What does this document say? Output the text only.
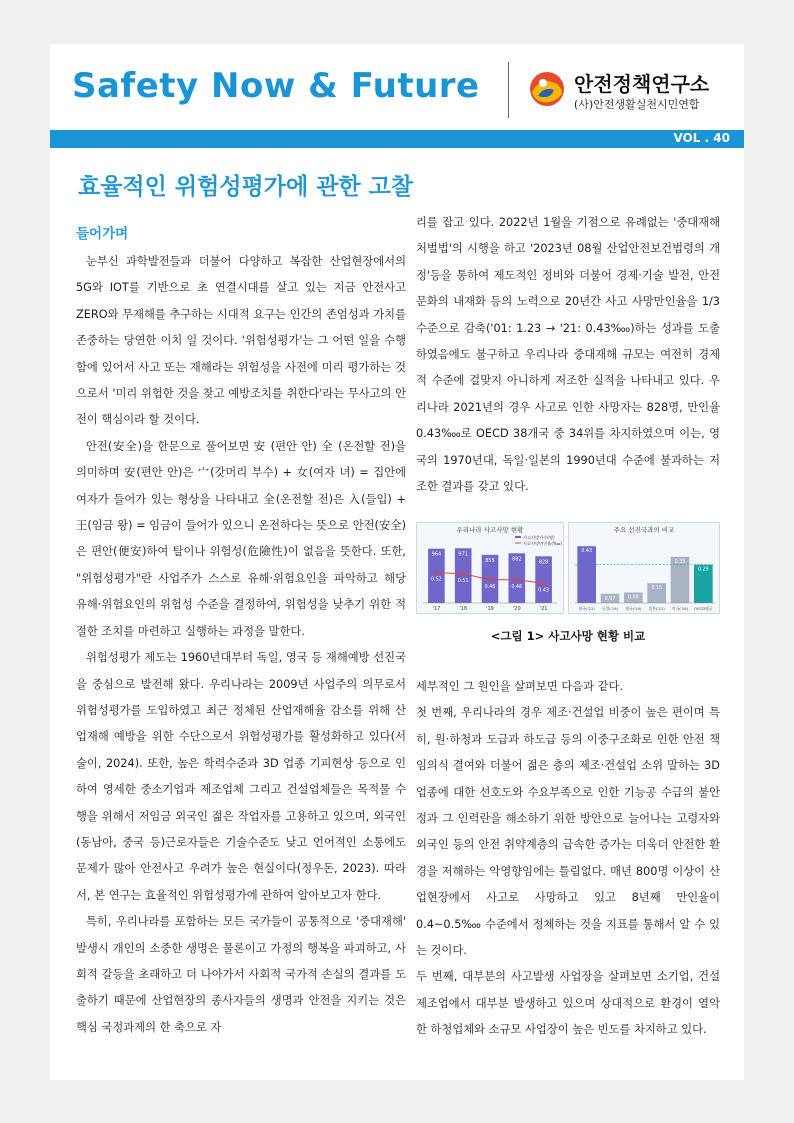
Safety Now & Future	안전정책연구소
(사)안전생활실천시민연합
VOL . 40
효율적인 위험성평가에 관한 고찰

들어가며

눈부신 과학발전들과 더불어 다양하고 복잡한 산업현장에서의 5G와 IOT를 기반으로 초 연결시대를 살고 있는 지금 안전사고 ZERO와 무재해를 추구하는 시대적 요구는 인간의 존엄성과 가치를 존중하는 당연한 이치 일 것이다. '위험성평가'는 그 어떤 일을 수행함에 있어서 사고 또는 재해라는 위험성을 사전에 미리 평가하는 것으로서 '미리 위험한 것을 찾고 예방조치를 취한다'라는 무사고의 안전이 핵심이라 할 것이다.

안전(安全)을 한문으로 풀어보면 安 (편안 안) 全 (온전할 전)을 의미하며 安(편안 안)은 宀(갓머리 부수) + 女(여자 녀) = 집안에 여자가 들어가 있는 형상을 나타내고 全(온전할 전)은 入(들입) + 王(임금 왕) = 임금이 들어가 있으니 온전하다는 뜻으로 안전(安全)은 편안(便安)하여 탈이나 위험성(危險性)이 없음을 뜻한다. 또한, "위험성평가"란 사업주가 스스로 유해·위험요인을 파악하고 해당 유해·위험요인의 위험성 수준을 결정하여, 위험성을 낮추기 위한 적절한 조치를 마련하고 실행하는 과정을 말한다.

위험성평가 제도는 1960년대부터 독일, 영국 등 재해예방 선진국을 중심으로 발전해 왔다. 우리나라는 2009년 사업주의 의무로서 위험성평가를 도입하였고 최근 정체된 산업재해율 감소를 위해 산업재해 예방을 위한 수단으로서 위험성평가를 활성화하고 있다(서술이, 2024). 또한, 높은 학력수준과 3D 업종 기피현상 등으로 인하여 영세한 중소기업과 제조업체 그리고 건설업체들은 목적물 수행을 위해서 저임금 외국인 젊은 작업자를 고용하고 있으며, 외국인(동남아, 중국 등)근로자들은 기술수준도 낮고 언어적인 소통에도 문제가 많아 안전사고 우려가 높은 현실이다(정우돈, 2023). 따라서, 본 연구는 효율적인 위험성평가에 관하여 알아보고자 한다.

특히, 우리나라를 포함하는 모든 국가들이 공통적으로 '중대재해' 발생시 개인의 소중한 생명은 물론이고 가정의 행복을 파괴하고, 사회적 갈등을 초래하고 더 나아가서 사회적 국가적 손실의 결과를 도출하기 때문에 산업현장의 종사자들의 생명과 안전을 지키는 것은 핵심 국정과제의 한 축으로 자

리를 잡고 있다. 2022년 1월을 기점으로 유례없는 '중대재해처벌법'의 시행을 하고 '2023년 08월 산업안전보건법령의 개정'등을 통하여 제도적인 정비와 더불어 경제·기술 발전, 안전문화의 내재화 등의 노력으로 20년간 사고 사망만인율을 1/3 수준으로 감축('01: 1.23 → '21: 0.43‱)하는 성과를 도출하였음에도 불구하고 우리나라 중대재해 규모는 여전히 경제적 수준에 걸맞지 아니하게 저조한 실적을 나타내고 있다. 우리나라 2021년의 경우 사고로 인한 사망자는 828명, 만인율 0.43‱로 OECD 38개국 중 34위를 차지하였으며 이는, 영국의 1970년대, 독일·일본의 1990년대 수준에 불과하는 저조한 결과를 갖고 있다.

우리나라 사고사망 현황
사고사망자수(명)
사고사망만인율(‱)
964
'17
971
'18
855
'19
882
'20
828
'21
0.52	0.51
0.46	0.46
0.43
주요 선진국과의 비교
0.43
한국('21)
0.07
독일('19)
0.08
영국('19)
0.15
일본('21)
0.35
미국('19)
0.29
OECD평균
<그림 1> 사고사망 현황 비교

세부적인 그 원인을 살펴보면 다음과 같다.

첫 번째, 우리나라의 경우 제조·건설업 비중이 높은 편이며 특히, 원·하청과 도급과 하도급 등의 이중구조화로 인한 안전 책임의식 결여와 더불어 젊은 층의 제조·건설업 소위 말하는 3D 업종에 대한 선호도와 수요부족으로 인한 기능공 수급의 불안정과 그 인력란을 해소하기 위한 방안으로 늘어나는 고령자와 외국인 등의 안전 취약계층의 급속한 증가는 더욱더 안전한 환경을 저해하는 악영향임에는 틀림없다. 매년 800명 이상이 산업현장에서 사고로 사망하고 있고 8년째 만인율이 0.4~0.5‱ 수준에서 정체하는 것을 지표를 통해서 알 수 있는 것이다.

두 번째, 대부분의 사고발생 사업장을 살펴보면 소기업, 건설제조업에서 대부분 발생하고 있으며 상대적으로 환경이 열악한 하청업체와 소규모 사업장이 높은 빈도를 차지하고 있다.
